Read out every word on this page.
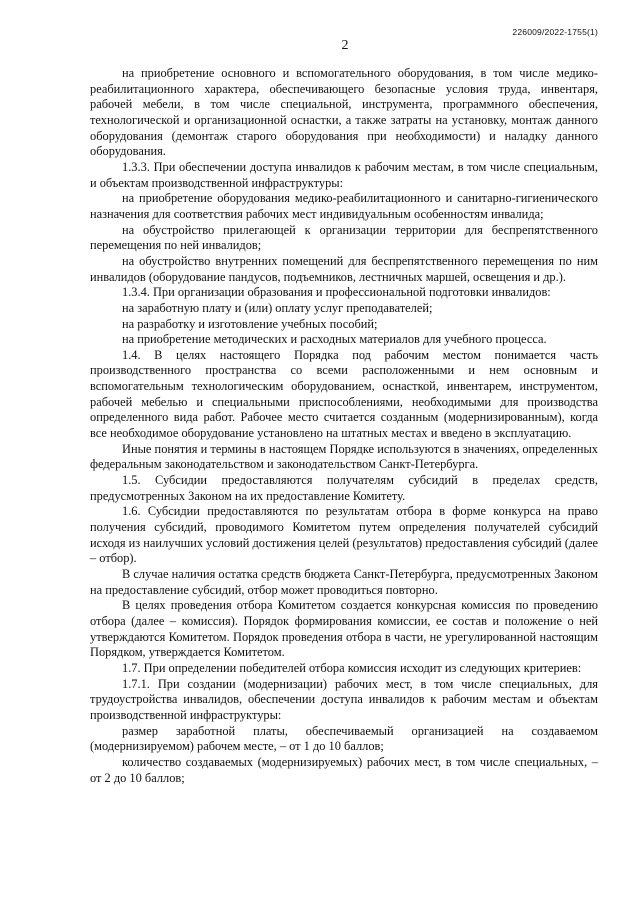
226009/2022-1755(1)
2

на приобретение основного и вспомогательного оборудования, в том числе медико-реабилитационного характера, обеспечивающего безопасные условия труда, инвентаря, рабочей мебели, в том числе специальной, инструмента, программного обеспечения, технологической и организационной оснастки, а также затраты на установку, монтаж данного оборудования (демонтаж старого оборудования при необходимости) и наладку данного оборудования.

1.3.3. При обеспечении доступа инвалидов к рабочим местам, в том числе специальным, и объектам производственной инфраструктуры:

на приобретение оборудования медико-реабилитационного и санитарно-гигиенического назначения для соответствия рабочих мест индивидуальным особенностям инвалида;

на обустройство прилегающей к организации территории для беспрепятственного перемещения по ней инвалидов;

на обустройство внутренних помещений для беспрепятственного перемещения по ним инвалидов (оборудование пандусов, подъемников, лестничных маршей, освещения и др.).

1.3.4. При организации образования и профессиональной подготовки инвалидов:

на заработную плату и (или) оплату услуг преподавателей;

на разработку и изготовление учебных пособий;

на приобретение методических и расходных материалов для учебного процесса.

1.4. В целях настоящего Порядка под рабочим местом понимается часть производственного пространства со всеми расположенными и нем основным и вспомогательным технологическим оборудованием, оснасткой, инвентарем, инструментом, рабочей мебелью и специальными приспособлениями, необходимыми для производства определенного вида работ. Рабочее место считается созданным (модернизированным), когда все необходимое оборудование установлено на штатных местах и введено в эксплуатацию.

Иные понятия и термины в настоящем Порядке используются в значениях, определенных федеральным законодательством и законодательством Санкт-Петербурга.

1.5. Субсидии предоставляются получателям субсидий в пределах средств, предусмотренных Законом на их предоставление Комитету.

1.6. Субсидии предоставляются по результатам отбора в форме конкурса на право получения субсидий, проводимого Комитетом путем определения получателей субсидий исходя из наилучших условий достижения целей (результатов) предоставления субсидий (далее – отбор).

В случае наличия остатка средств бюджета Санкт-Петербурга, предусмотренных Законом на предоставление субсидий, отбор может проводиться повторно.

В целях проведения отбора Комитетом создается конкурсная комиссия по проведению отбора (далее – комиссия). Порядок формирования комиссии, ее состав и положение о ней утверждаются Комитетом. Порядок проведения отбора в части, не урегулированной настоящим Порядком, утверждается Комитетом.

1.7. При определении победителей отбора комиссия исходит из следующих критериев:

1.7.1. При создании (модернизации) рабочих мест, в том числе специальных, для трудоустройства инвалидов, обеспечении доступа инвалидов к рабочим местам и объектам производственной инфраструктуры:

размер заработной платы, обеспечиваемый организацией на создаваемом (модернизируемом) рабочем месте, – от 1 до 10 баллов;

количество создаваемых (модернизируемых) рабочих мест, в том числе специальных, – от 2 до 10 баллов;
